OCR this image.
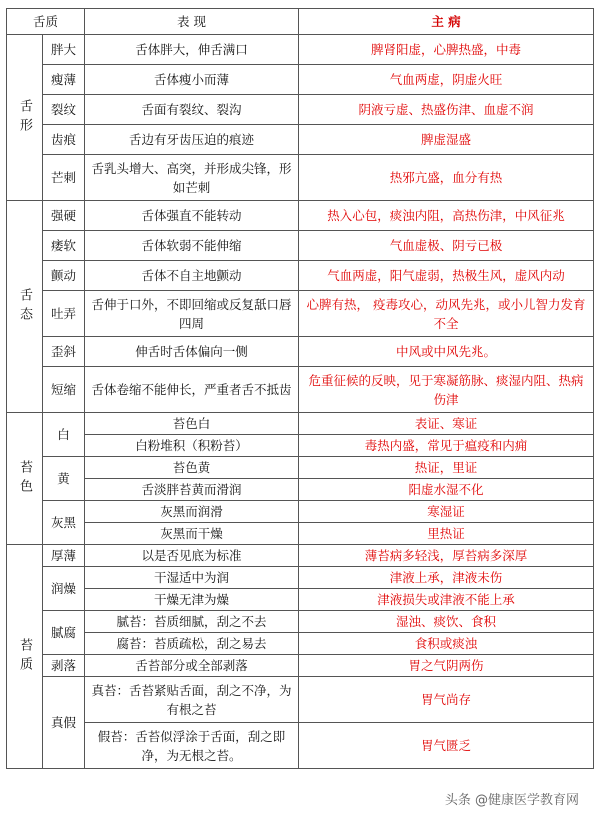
舌质		表 现	主 病
舌形	胖大	舌体胖大，伸舌满口	脾肾阳虚，心脾热盛，中毒
	瘦薄	舌体瘦小而薄	气血两虚，阴虚火旺
	裂纹	舌面有裂纹、裂沟	阴液亏虚、热盛伤津、血虚不润
	齿痕	舌边有牙齿压迫的痕迹	脾虚湿盛
	芒刺	舌乳头增大、高突，并形成尖锋，形如芒刺	热邪亢盛，血分有热
舌态	强硬	舌体强直不能转动	热入心包，痰浊内阻，高热伤津，中风征兆
	痿软	舌体软弱不能伸缩	气血虚极、阴亏已极
	颤动	舌体不自主地颤动	气血两虚，阳气虚弱，热极生风，虚风内动
	吐弄	舌伸于口外，不即回缩或反复舐口唇四周	心脾有热， 疫毒攻心，动风先兆，或小儿智力发育不全
	歪斜	伸舌时舌体偏向一侧	中风或中风先兆。
	短缩	舌体卷缩不能伸长，严重者舌不抵齿	危重征候的反映，见于寒凝筋脉、痰湿内阻、热病伤津
苔色	白	苔色白	表证、寒证
		白粉堆积（积粉苔）	毒热内盛，常见于瘟疫和内痈
	黄	苔色黄	热证，里证
		舌淡胖苔黄而滑润	阳虚水湿不化
	灰黑	灰黑而润滑	寒湿证
		灰黑而干燥	里热证
苔质	厚薄	以是否见底为标准	薄苔病多轻浅，厚苔病多深厚
	润燥	干湿适中为润	津液上承，津液未伤
		干燥无津为燥	津液损失或津液不能上承
	腻腐	腻苔：苔质细腻，刮之不去	湿浊、痰饮、食积
		腐苔：苔质疏松，刮之易去	食积或痰浊
	剥落	舌苔部分或全部剥落	胃之气阴两伤
	真假	真苔：舌苔紧贴舌面，刮之不净，为有根之苔	胃气尚存
		假苔：舌苔似浮涂于舌面，刮之即净，为无根之苔。	胃气匮乏
头条 @健康医学教育网
